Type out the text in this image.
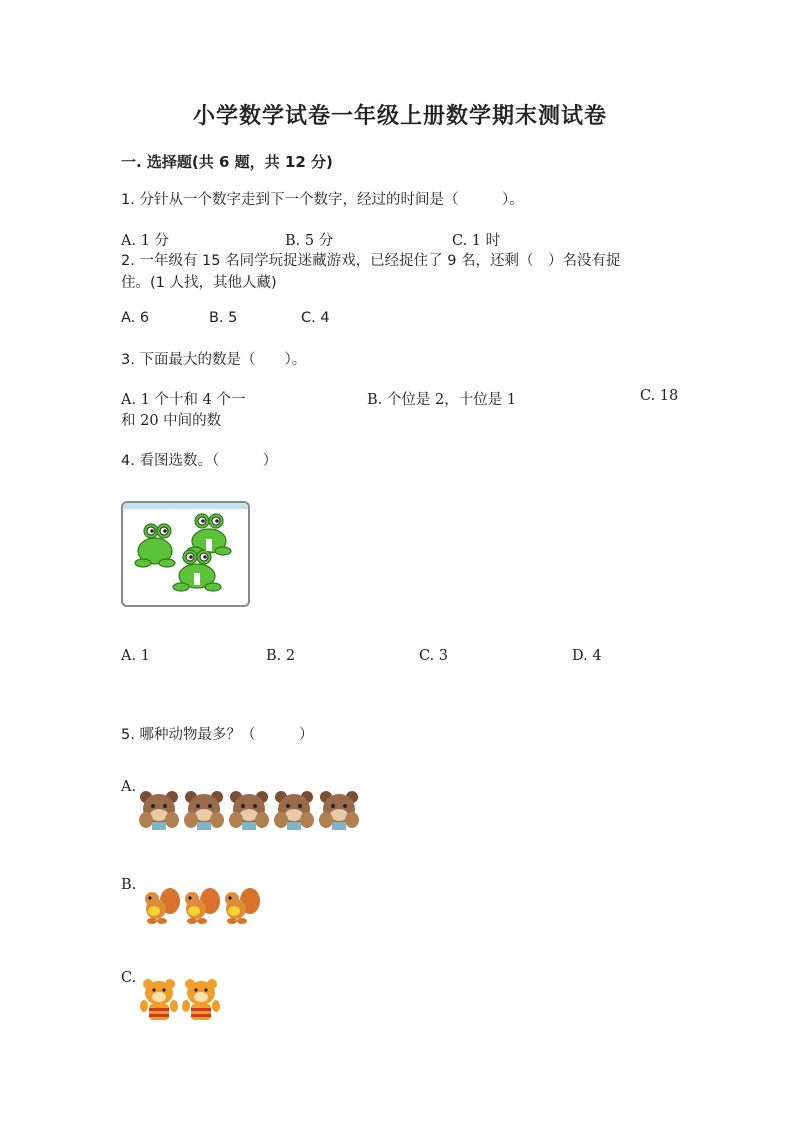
小学数学试卷一年级上册数学期末测试卷
一. 选择题(共 6 题，共 12 分)
1. 分针从一个数字走到下一个数字，经过的时间是（　　　）。
A. 1 分	B. 5 分	C. 1 时
2. 一年级有 15 名同学玩捉迷藏游戏，已经捉住了 9 名，还剩（　）名没有捉
住。(1 人找，其他人藏)
A. 6	B. 5	C. 4
3. 下面最大的数是（　　）。
A. 1 个十和 4 个一	B. 个位是 2，十位是 1	C. 18
和 20 中间的数
4. 看图选数。（　　　）
A. 1	B. 2	C. 3	D. 4
5. 哪种动物最多？（　　　）
A.
B.
C.
